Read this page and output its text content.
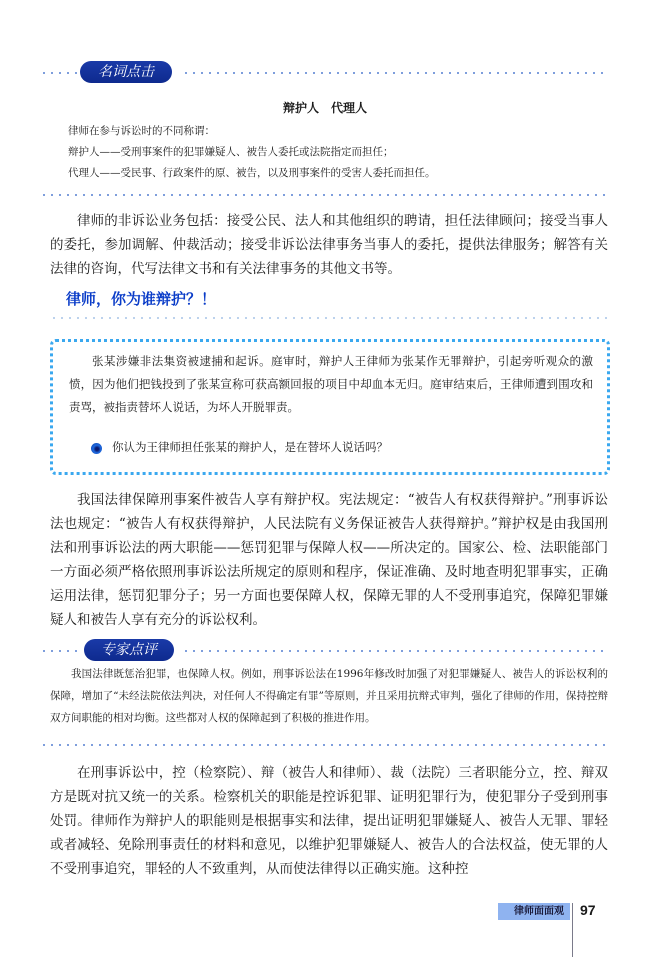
名词点击
辩护人　代理人
律师在参与诉讼时的不同称谓：
辩护人——受刑事案件的犯罪嫌疑人、被告人委托或法院指定而担任；
代理人——受民事、行政案件的原、被告，以及刑事案件的受害人委托而担任。

律师的非诉讼业务包括：接受公民、法人和其他组织的聘请，担任法律顾问；接受当事人的委托，参加调解、仲裁活动；接受非诉讼法律事务当事人的委托，提供法律服务；解答有关法律的咨询，代写法律文书和有关法律事务的其他文书等。

律师，你为谁辩护？！

张某涉嫌非法集资被逮捕和起诉。庭审时，辩护人王律师为张某作无罪辩护，引起旁听观众的激愤，因为他们把钱投到了张某宣称可获高额回报的项目中却血本无归。庭审结束后，王律师遭到围攻和责骂，被指责替坏人说话，为坏人开脱罪责。

你认为王律师担任张某的辩护人，是在替坏人说话吗？

我国法律保障刑事案件被告人享有辩护权。宪法规定：“被告人有权获得辩护。”刑事诉讼法也规定：“被告人有权获得辩护，人民法院有义务保证被告人获得辩护。”辩护权是由我国刑法和刑事诉讼法的两大职能——惩罚犯罪与保障人权——所决定的。国家公、检、法职能部门一方面必须严格依照刑事诉讼法所规定的原则和程序，保证准确、及时地查明犯罪事实，正确运用法律，惩罚犯罪分子；另一方面也要保障人权，保障无罪的人不受刑事追究，保障犯罪嫌疑人和被告人享有充分的诉讼权利。

专家点评

我国法律既惩治犯罪，也保障人权。例如，刑事诉讼法在1996年修改时加强了对犯罪嫌疑人、被告人的诉讼权利的保障，增加了“未经法院依法判决，对任何人不得确定有罪”等原则，并且采用抗辩式审判，强化了律师的作用，保持控辩双方间职能的相对均衡。这些都对人权的保障起到了积极的推进作用。

在刑事诉讼中，控（检察院）、辩（被告人和律师）、裁（法院）三者职能分立，控、辩双方是既对抗又统一的关系。检察机关的职能是控诉犯罪、证明犯罪行为，使犯罪分子受到刑事处罚。律师作为辩护人的职能则是根据事实和法律，提出证明犯罪嫌疑人、被告人无罪、罪轻或者减轻、免除刑事责任的材料和意见，以维护犯罪嫌疑人、被告人的合法权益，使无罪的人不受刑事追究，罪轻的人不致重判，从而使法律得以正确实施。这种控

律师面面观	97
